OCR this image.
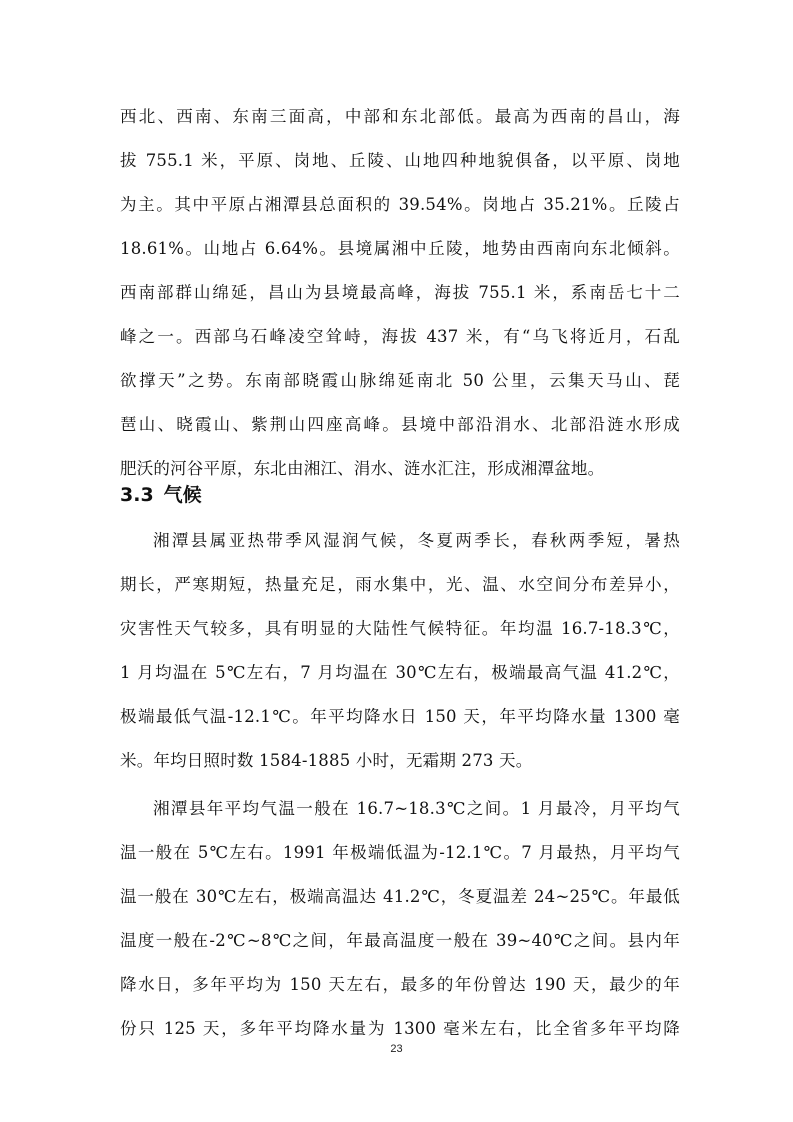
西北、西南、东南三面高，中部和东北部低。最高为西南的昌山，海
拔 755.1 米，平原、岗地、丘陵、山地四种地貌俱备，以平原、岗地
为主。其中平原占湘潭县总面积的 39.54%。岗地占 35.21%。丘陵占
18.61%。山地占 6.64%。县境属湘中丘陵，地势由西南向东北倾斜。
西南部群山绵延，昌山为县境最高峰，海拔 755.1 米，系南岳七十二
峰之一。西部乌石峰凌空耸峙，海拔 437 米，有“乌飞将近月，石乱
欲撑天”之势。东南部晓霞山脉绵延南北 50 公里，云集天马山、琵
琶山、晓霞山、紫荆山四座高峰。县境中部沿涓水、北部沿涟水形成
肥沃的河谷平原，东北由湘江、涓水、涟水汇注，形成湘潭盆地。
3.3 气候
湘潭县属亚热带季风湿润气候，冬夏两季长，春秋两季短，暑热
期长，严寒期短，热量充足，雨水集中，光、温、水空间分布差异小，
灾害性天气较多，具有明显的大陆性气候特征。年均温 16.7-18.3℃，
1 月均温在 5℃左右，7 月均温在 30℃左右，极端最高气温 41.2℃，
极端最低气温-12.1℃。年平均降水日 150 天，年平均降水量 1300 毫
米。年均日照时数 1584-1885 小时，无霜期 273 天。
湘潭县年平均气温一般在 16.7~18.3℃之间。1 月最冷，月平均气
温一般在 5℃左右。1991 年极端低温为-12.1℃。7 月最热，月平均气
温一般在 30℃左右，极端高温达 41.2℃，冬夏温差 24~25℃。年最低
温度一般在-2℃~8℃之间，年最高温度一般在 39~40℃之间。县内年
降水日，多年平均为 150 天左右，最多的年份曾达 190 天，最少的年
份只 125 天，多年平均降水量为 1300 毫米左右，比全省多年平均降
23
